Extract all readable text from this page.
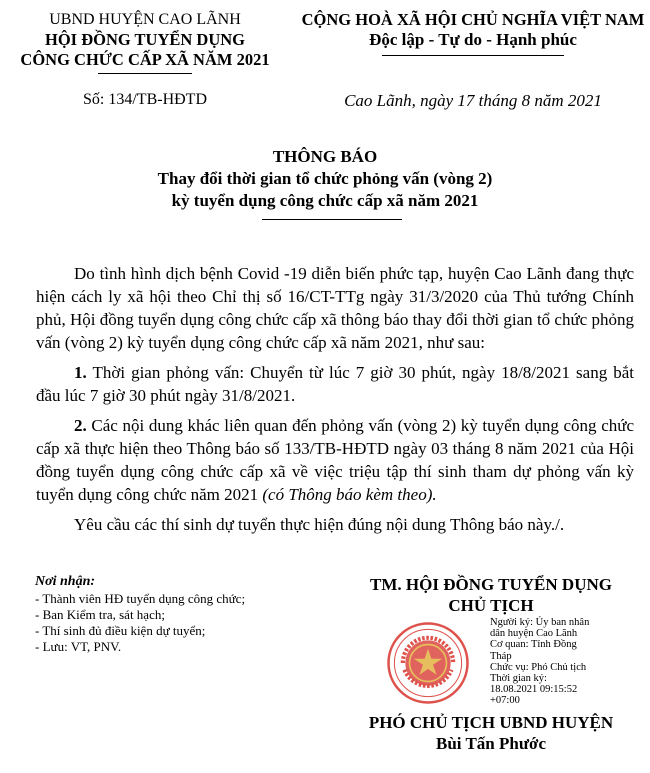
UBND HUYỆN CAO LÃNH
HỘI ĐỒNG TUYỂN DỤNG
CÔNG CHỨC CẤP XÃ NĂM 2021
CỘNG HOÀ XÃ HỘI CHỦ NGHĨA VIỆT NAM
Độc lập - Tự do - Hạnh phúc
Số: 134/TB-HĐTD	Cao Lãnh, ngày 17 tháng 8 năm 2021
THÔNG BÁO
Thay đổi thời gian tổ chức phỏng vấn (vòng 2)
kỳ tuyển dụng công chức cấp xã năm 2021

Do tình hình dịch bệnh Covid -19 diễn biến phức tạp, huyện Cao Lãnh đang thực hiện cách ly xã hội theo Chỉ thị số 16/CT-TTg ngày 31/3/2020 của Thủ tướng Chính phủ, Hội đồng tuyển dụng công chức cấp xã thông báo thay đổi thời gian tổ chức phỏng vấn (vòng 2) kỳ tuyển dụng công chức cấp xã năm 2021, như sau:

1. Thời gian phỏng vấn: Chuyển từ lúc 7 giờ 30 phút, ngày 18/8/2021 sang bắt đầu lúc 7 giờ 30 phút ngày 31/8/2021.

2. Các nội dung khác liên quan đến phỏng vấn (vòng 2) kỳ tuyển dụng công chức cấp xã thực hiện theo Thông báo số 133/TB-HĐTD ngày 03 tháng 8 năm 2021 của Hội đồng tuyển dụng công chức cấp xã về việc triệu tập thí sinh tham dự phỏng vấn kỳ tuyển dụng công chức năm 2021 (có Thông báo kèm theo).

Yêu cầu các thí sinh dự tuyển thực hiện đúng nội dung Thông báo này./.

Nơi nhận:
- Thành viên HĐ tuyển dụng công chức;
- Ban Kiểm tra, sát hạch;
- Thí sinh đủ điều kiện dự tuyển;
- Lưu: VT, PNV.
TM. HỘI ĐỒNG TUYỂN DỤNG
CHỦ TỊCH
Người ký: Ủy ban nhân
dân huyện Cao Lãnh
Cơ quan: Tỉnh Đồng
Tháp
Chức vụ: Phó Chủ tịch
Thời gian ký:
18.08.2021 09:15:52
+07:00
PHÓ CHỦ TỊCH UBND HUYỆN
Bùi Tấn Phước
